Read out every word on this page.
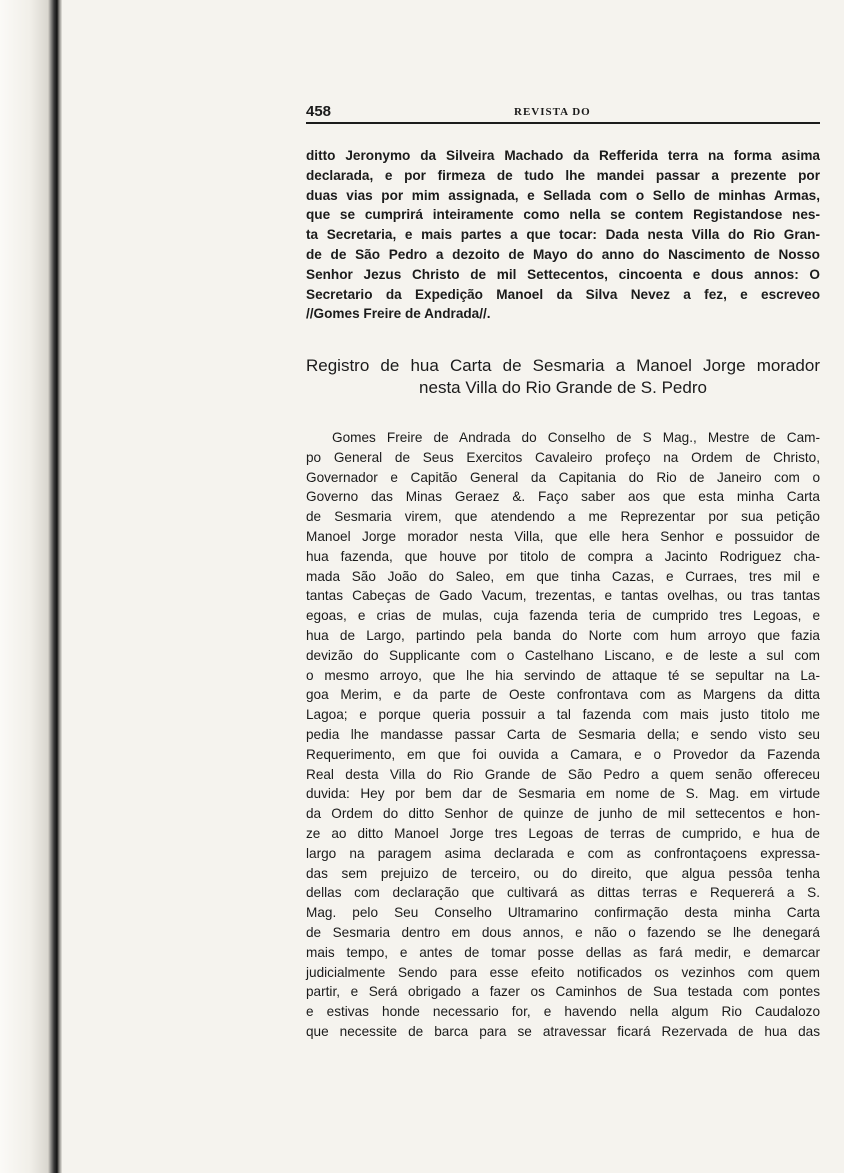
458	REVISTA DO
ditto Jeronymo da Silveira Machado da Refferida terra na forma asima
declarada, e por firmeza de tudo lhe mandei passar a prezente por
duas vias por mim assignada, e Sellada com o Sello de minhas Armas,
que se cumprirá inteiramente como nella se contem Registandose nes-
ta Secretaria, e mais partes a que tocar: Dada nesta Villa do Rio Gran-
de de São Pedro a dezoito de Mayo do anno do Nascimento de Nosso
Senhor Jezus Christo de mil Settecentos, cincoenta e dous annos: O
Secretario da Expedição Manoel da Silva Nevez a fez, e escreveo
//Gomes Freire de Andrada//.
Registro de hua Carta de Sesmaria a Manoel Jorge morador
nesta Villa do Rio Grande de S. Pedro
Gomes Freire de Andrada do Conselho de S Mag., Mestre de Cam-
po General de Seus Exercitos Cavaleiro profeço na Ordem de Christo,
Governador e Capitão General da Capitania do Rio de Janeiro com o
Governo das Minas Geraez &. Faço saber aos que esta minha Carta
de Sesmaria virem, que atendendo a me Reprezentar por sua petição
Manoel Jorge morador nesta Villa, que elle hera Senhor e possuidor de
hua fazenda, que houve por titolo de compra a Jacinto Rodriguez cha-
mada São João do Saleo, em que tinha Cazas, e Curraes, tres mil e
tantas Cabeças de Gado Vacum, trezentas, e tantas ovelhas, ou tras tantas
egoas, e crias de mulas, cuja fazenda teria de cumprido tres Legoas, e
hua de Largo, partindo pela banda do Norte com hum arroyo que fazia
devizão do Supplicante com o Castelhano Liscano, e de leste a sul com
o mesmo arroyo, que lhe hia servindo de attaque té se sepultar na La-
goa Merim, e da parte de Oeste confrontava com as Margens da ditta
Lagoa; e porque queria possuir a tal fazenda com mais justo titolo me
pedia lhe mandasse passar Carta de Sesmaria della; e sendo visto seu
Requerimento, em que foi ouvida a Camara, e o Provedor da Fazenda
Real desta Villa do Rio Grande de São Pedro a quem senão offereceu
duvida: Hey por bem dar de Sesmaria em nome de S. Mag. em virtude
da Ordem do ditto Senhor de quinze de junho de mil settecentos e hon-
ze ao ditto Manoel Jorge tres Legoas de terras de cumprido, e hua de
largo na paragem asima declarada e com as confrontaçoens expressa-
das sem prejuizo de terceiro, ou do direito, que algua pessôa tenha
dellas com declaração que cultivará as dittas terras e Requererá a S.
Mag. pelo Seu Conselho Ultramarino confirmação desta minha Carta
de Sesmaria dentro em dous annos, e não o fazendo se lhe denegará
mais tempo, e antes de tomar posse dellas as fará medir, e demarcar
judicialmente Sendo para esse efeito notificados os vezinhos com quem
partir, e Será obrigado a fazer os Caminhos de Sua testada com pontes
e estivas honde necessario for, e havendo nella algum Rio Caudalozo
que necessite de barca para se atravessar ficará Rezervada de hua das
